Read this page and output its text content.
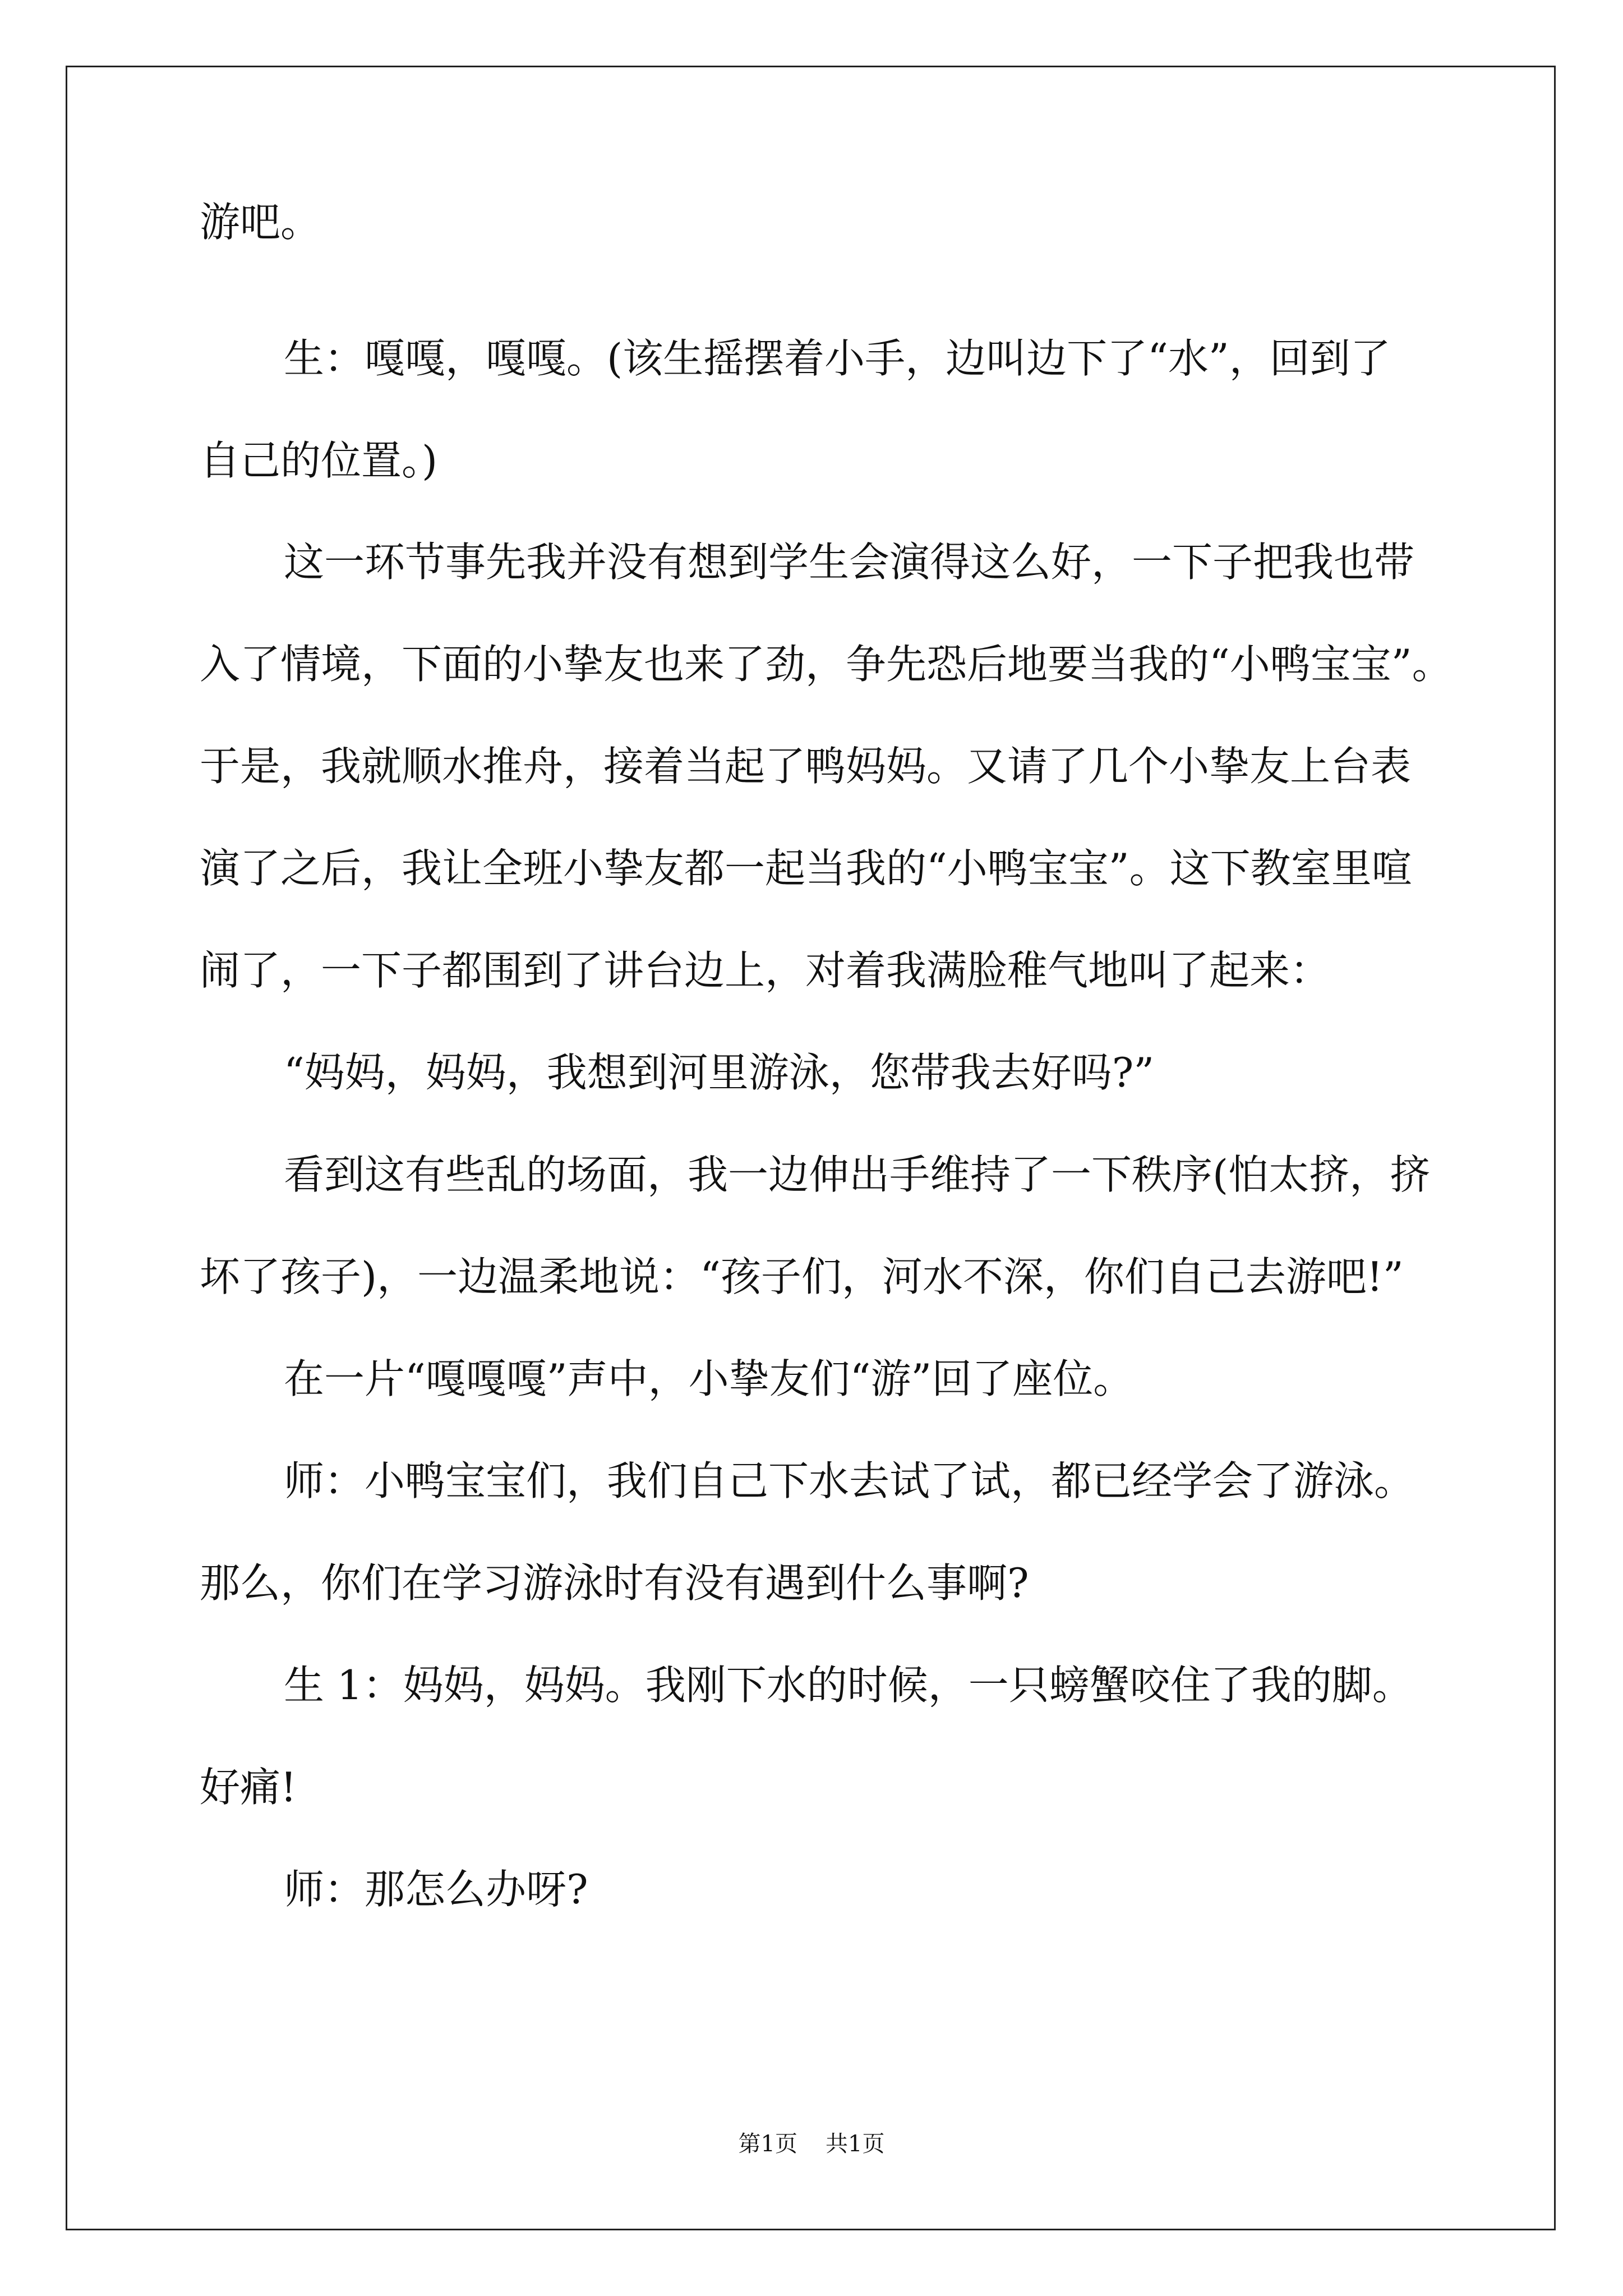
游吧。
生：嘎嘎，嘎嘎。(该生摇摆着小手，边叫边下了“水”，回到了
自己的位置。)
这一环节事先我并没有想到学生会演得这么好，一下子把我也带
入了情境，下面的小挚友也来了劲，争先恐后地要当我的“小鸭宝宝”。
于是，我就顺水推舟，接着当起了鸭妈妈。又请了几个小挚友上台表
演了之后，我让全班小挚友都一起当我的“小鸭宝宝”。这下教室里喧
闹了，一下子都围到了讲台边上，对着我满脸稚气地叫了起来：
“妈妈，妈妈，我想到河里游泳，您带我去好吗?”
看到这有些乱的场面，我一边伸出手维持了一下秩序(怕太挤，挤
坏了孩子)，一边温柔地说：“孩子们，河水不深，你们自己去游吧!”
在一片“嘎嘎嘎”声中，小挚友们“游”回了座位。
师：小鸭宝宝们，我们自己下水去试了试，都已经学会了游泳。
那么，你们在学习游泳时有没有遇到什么事啊?
生 1：妈妈，妈妈。我刚下水的时候，一只螃蟹咬住了我的脚。
好痛!
师：那怎么办呀?
第1页 共1页
